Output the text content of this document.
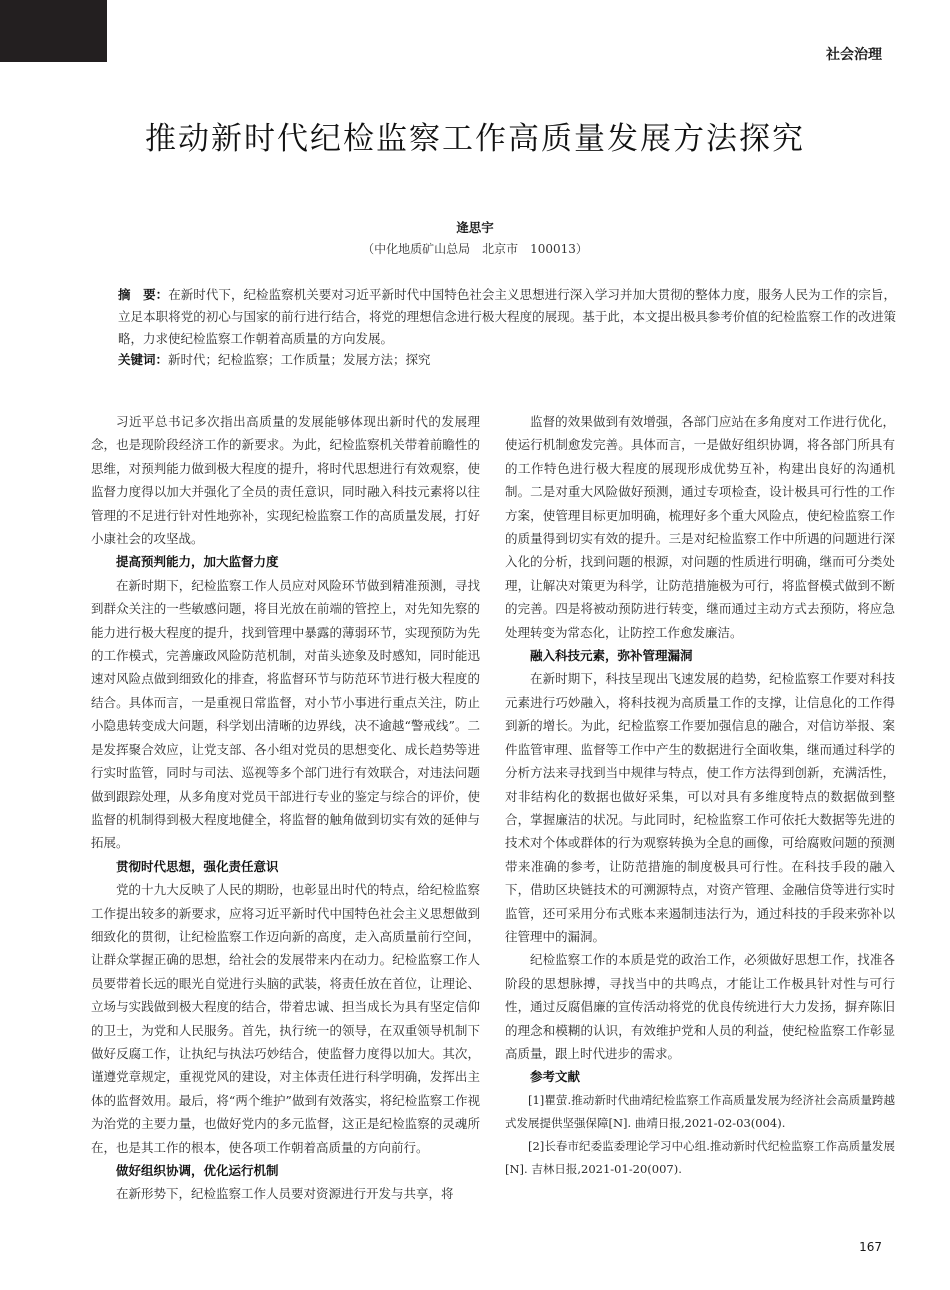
社会治理
推动新时代纪检监察工作高质量发展方法探究
逄思宇
（中化地质矿山总局　北京市　100013）
摘　要：在新时代下，纪检监察机关要对习近平新时代中国特色社会主义思想进行深入学习并加大贯彻的整体力度，服务人民为工作的宗旨，立足本职将党的初心与国家的前行进行结合，将党的理想信念进行极大程度的展现。基于此，本文提出极具参考价值的纪检监察工作的改进策略，力求使纪检监察工作朝着高质量的方向发展。
关键词：新时代；纪检监察；工作质量；发展方法；探究

习近平总书记多次指出高质量的发展能够体现出新时代的发展理念，也是现阶段经济工作的新要求。为此，纪检监察机关带着前瞻性的思维，对预判能力做到极大程度的提升，将时代思想进行有效观察，使监督力度得以加大并强化了全员的责任意识，同时融入科技元素将以往管理的不足进行针对性地弥补，实现纪检监察工作的高质量发展，打好小康社会的攻坚战。

提高预判能力，加大监督力度

在新时期下，纪检监察工作人员应对风险环节做到精准预测，寻找到群众关注的一些敏感问题，将目光放在前端的管控上，对先知先察的能力进行极大程度的提升，找到管理中暴露的薄弱环节，实现预防为先的工作模式，完善廉政风险防范机制，对苗头迹象及时感知，同时能迅速对风险点做到细致化的排查，将监督环节与防范环节进行极大程度的结合。具体而言，一是重视日常监督，对小节小事进行重点关注，防止小隐患转变成大问题，科学划出清晰的边界线，决不逾越“警戒线”。二是发挥聚合效应，让党支部、各小组对党员的思想变化、成长趋势等进行实时监管，同时与司法、巡视等多个部门进行有效联合，对违法问题做到跟踪处理，从多角度对党员干部进行专业的鉴定与综合的评价，使监督的机制得到极大程度地健全，将监督的触角做到切实有效的延伸与拓展。

贯彻时代思想，强化责任意识

党的十九大反映了人民的期盼，也彰显出时代的特点，给纪检监察工作提出较多的新要求，应将习近平新时代中国特色社会主义思想做到细致化的贯彻，让纪检监察工作迈向新的高度，走入高质量前行空间，让群众掌握正确的思想，给社会的发展带来内在动力。纪检监察工作人员要带着长远的眼光自觉进行头脑的武装，将责任放在首位，让理论、立场与实践做到极大程度的结合，带着忠诚、担当成长为具有坚定信仰的卫士，为党和人民服务。首先，执行统一的领导，在双重领导机制下做好反腐工作，让执纪与执法巧妙结合，使监督力度得以加大。其次，谨遵党章规定，重视党风的建设，对主体责任进行科学明确，发挥出主体的监督效用。最后，将“两个维护”做到有效落实，将纪检监察工作视为治党的主要力量，也做好党内的多元监督，这正是纪检监察的灵魂所在，也是其工作的根本，使各项工作朝着高质量的方向前行。

做好组织协调，优化运行机制

在新形势下，纪检监察工作人员要对资源进行开发与共享，将

监督的效果做到有效增强，各部门应站在多角度对工作进行优化，使运行机制愈发完善。具体而言，一是做好组织协调，将各部门所具有的工作特色进行极大程度的展现形成优势互补，构建出良好的沟通机制。二是对重大风险做好预测，通过专项检查，设计极具可行性的工作方案，使管理目标更加明确，梳理好多个重大风险点，使纪检监察工作的质量得到切实有效的提升。三是对纪检监察工作中所遇的问题进行深入化的分析，找到问题的根源，对问题的性质进行明确，继而可分类处理，让解决对策更为科学，让防范措施极为可行，将监督模式做到不断的完善。四是将被动预防进行转变，继而通过主动方式去预防，将应急处理转变为常态化，让防控工作愈发廉洁。

融入科技元素，弥补管理漏洞

在新时期下，科技呈现出飞速发展的趋势，纪检监察工作要对科技元素进行巧妙融入，将科技视为高质量工作的支撑，让信息化的工作得到新的增长。为此，纪检监察工作要加强信息的融合，对信访举报、案件监管审理、监督等工作中产生的数据进行全面收集，继而通过科学的分析方法来寻找到当中规律与特点，使工作方法得到创新，充满活性，对非结构化的数据也做好采集，可以对具有多维度特点的数据做到整合，掌握廉洁的状况。与此同时，纪检监察工作可依托大数据等先进的技术对个体或群体的行为观察转换为全息的画像，可给腐败问题的预测带来准确的参考，让防范措施的制度极具可行性。在科技手段的融入下，借助区块链技术的可溯源特点，对资产管理、金融信贷等进行实时监管，还可采用分布式账本来遏制违法行为，通过科技的手段来弥补以往管理中的漏洞。

纪检监察工作的本质是党的政治工作，必须做好思想工作，找准各阶段的思想脉搏，寻找当中的共鸣点，才能让工作极具针对性与可行性，通过反腐倡廉的宣传活动将党的优良传统进行大力发扬，摒弃陈旧的理念和模糊的认识，有效维护党和人员的利益，使纪检监察工作彰显高质量，跟上时代进步的需求。

参考文献

[1]瞿萤.推动新时代曲靖纪检监察工作高质量发展为经济社会高质量跨越式发展提供坚强保障[N]. 曲靖日报,2021-02-03(004).

[2]长春市纪委监委理论学习中心组.推动新时代纪检监察工作高质量发展[N]. 吉林日报,2021-01-20(007).

167
